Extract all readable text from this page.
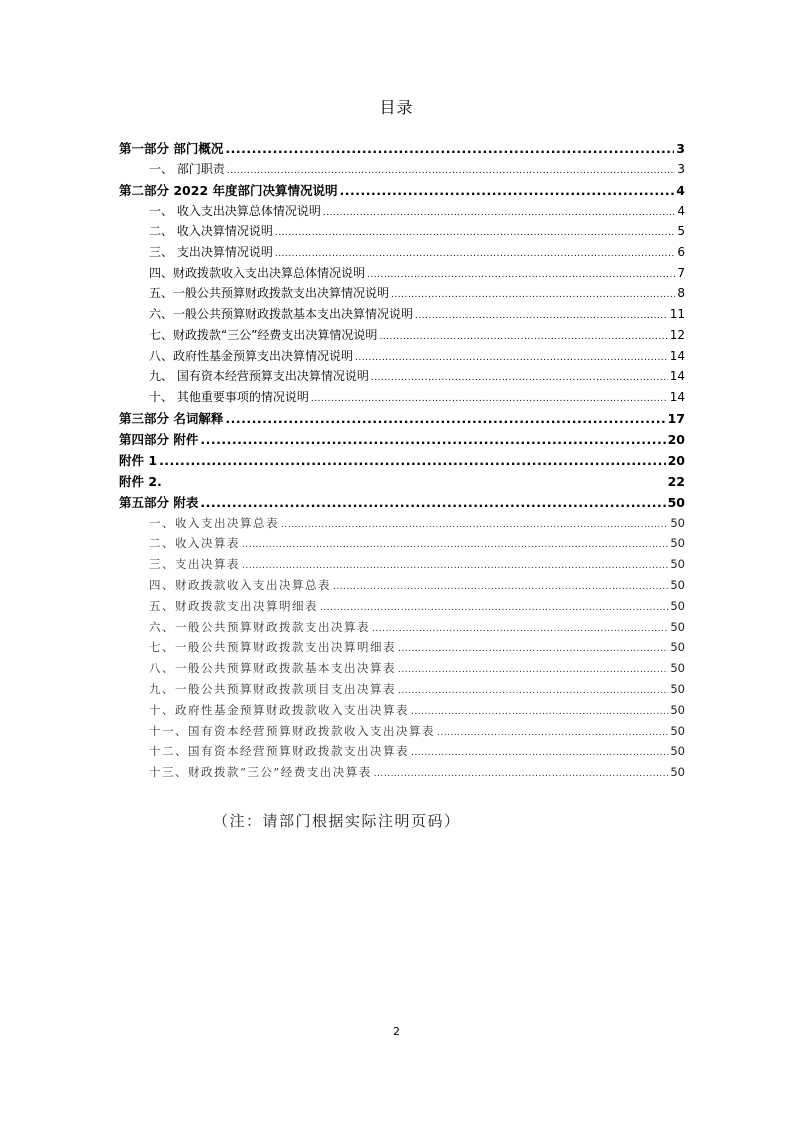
目录
第一部分 部门概况 .....	3
一、 部门职责 .....	3
第二部分 2022 年度部门决算情况说明 .....	4
一、 收入支出决算总体情况说明 .....	4
二、 收入决算情况说明 .....	5
三、 支出决算情况说明 .....	6
四、财政拨款收入支出决算总体情况说明 .....	7
五、一般公共预算财政拨款支出决算情况说明 .....	8
六、一般公共预算财政拨款基本支出决算情况说明 .....	11
七、财政拨款“三公”经费支出决算情况说明 .....	12
八、政府性基金预算支出决算情况说明 .....	14
九、 国有资本经营预算支出决算情况说明 .....	14
十、 其他重要事项的情况说明 .....	14
第三部分 名词解释 .....	17
第四部分 附件 .....	20
附件 1 .....	20
附件 2.	22
第五部分 附表 .....	50
一、收入支出决算总表 .....	50
二、收入决算表 .....	50
三、支出决算表 .....	50
四、财政拨款收入支出决算总表 .....	50
五、财政拨款支出决算明细表 .....	50
六、一般公共预算财政拨款支出决算表 .....	50
七、一般公共预算财政拨款支出决算明细表 .....	50
八、一般公共预算财政拨款基本支出决算表 .....	50
九、一般公共预算财政拨款项目支出决算表 .....	50
十、政府性基金预算财政拨款收入支出决算表 .....	50
十一、国有资本经营预算财政拨款收入支出决算表 .....	50
十二、国有资本经营预算财政拨款支出决算表 .....	50
十三、财政拨款“三公”经费支出决算表 .....	50
（注：请部门根据实际注明页码）
2
